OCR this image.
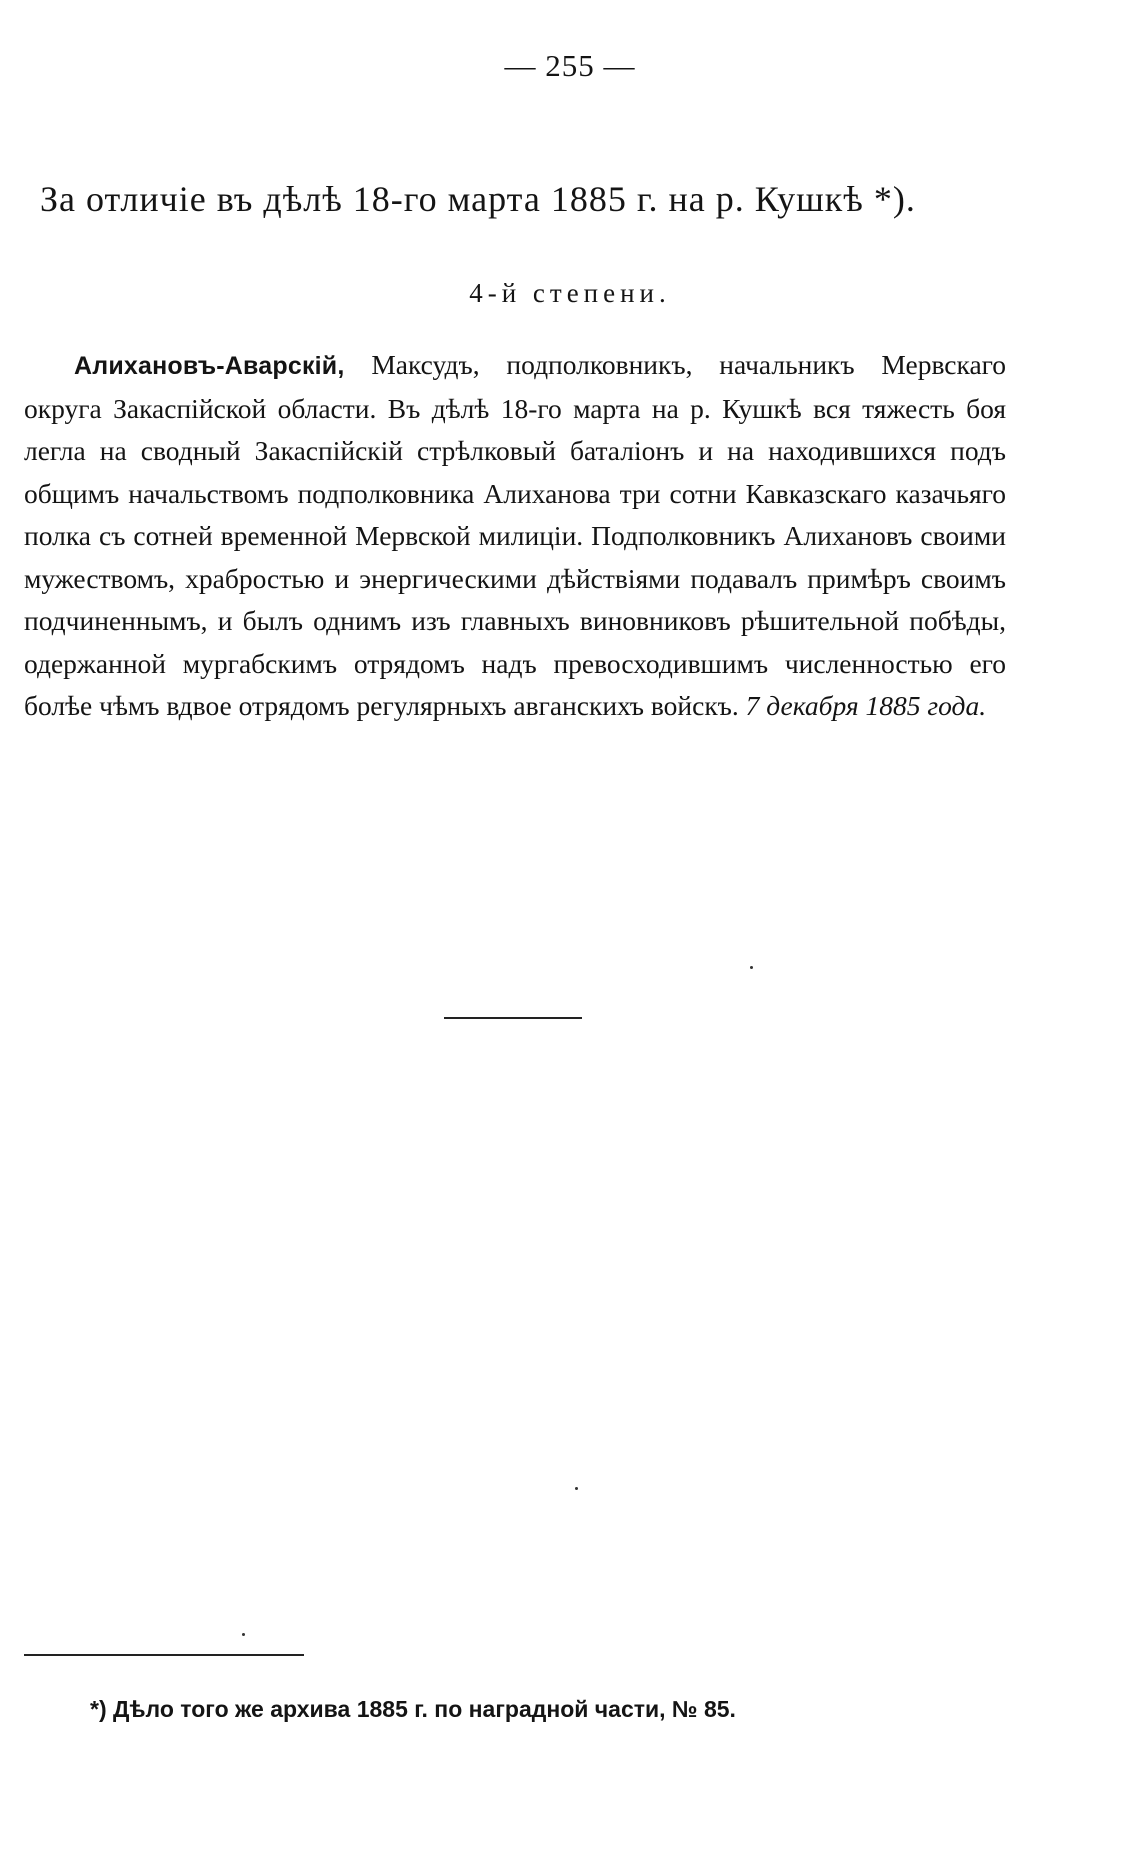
— 255 —
За отличіе въ дѣлѣ 18-го марта 1885 г. на р. Кушкѣ *).
4-й степени.

Алихановъ-Аварскій, Максудъ, подполковникъ, начальникъ Мервскаго округа Закаспійской области. Въ дѣлѣ 18-го марта на р. Кушкѣ вся тяжесть боя легла на сводный Закаспійскій стрѣлковый баталіонъ и на находившихся подъ общимъ начальствомъ подполковника Алиханова три сотни Кавказскаго казачьяго полка съ сотней временной Мервской милиціи. Подполковникъ Алихановъ своими мужествомъ, храбростью и энергическими дѣйствіями подавалъ примѣръ своимъ подчиненнымъ, и былъ однимъ изъ главныхъ виновниковъ рѣшительной побѣды, одержанной мургабскимъ отрядомъ надъ превосходившимъ численностью его болѣе чѣмъ вдвое отрядомъ регулярныхъ авганскихъ войскъ. 7 декабря 1885 года.

*) Дѣло того же архива 1885 г. по наградной части, № 85.
